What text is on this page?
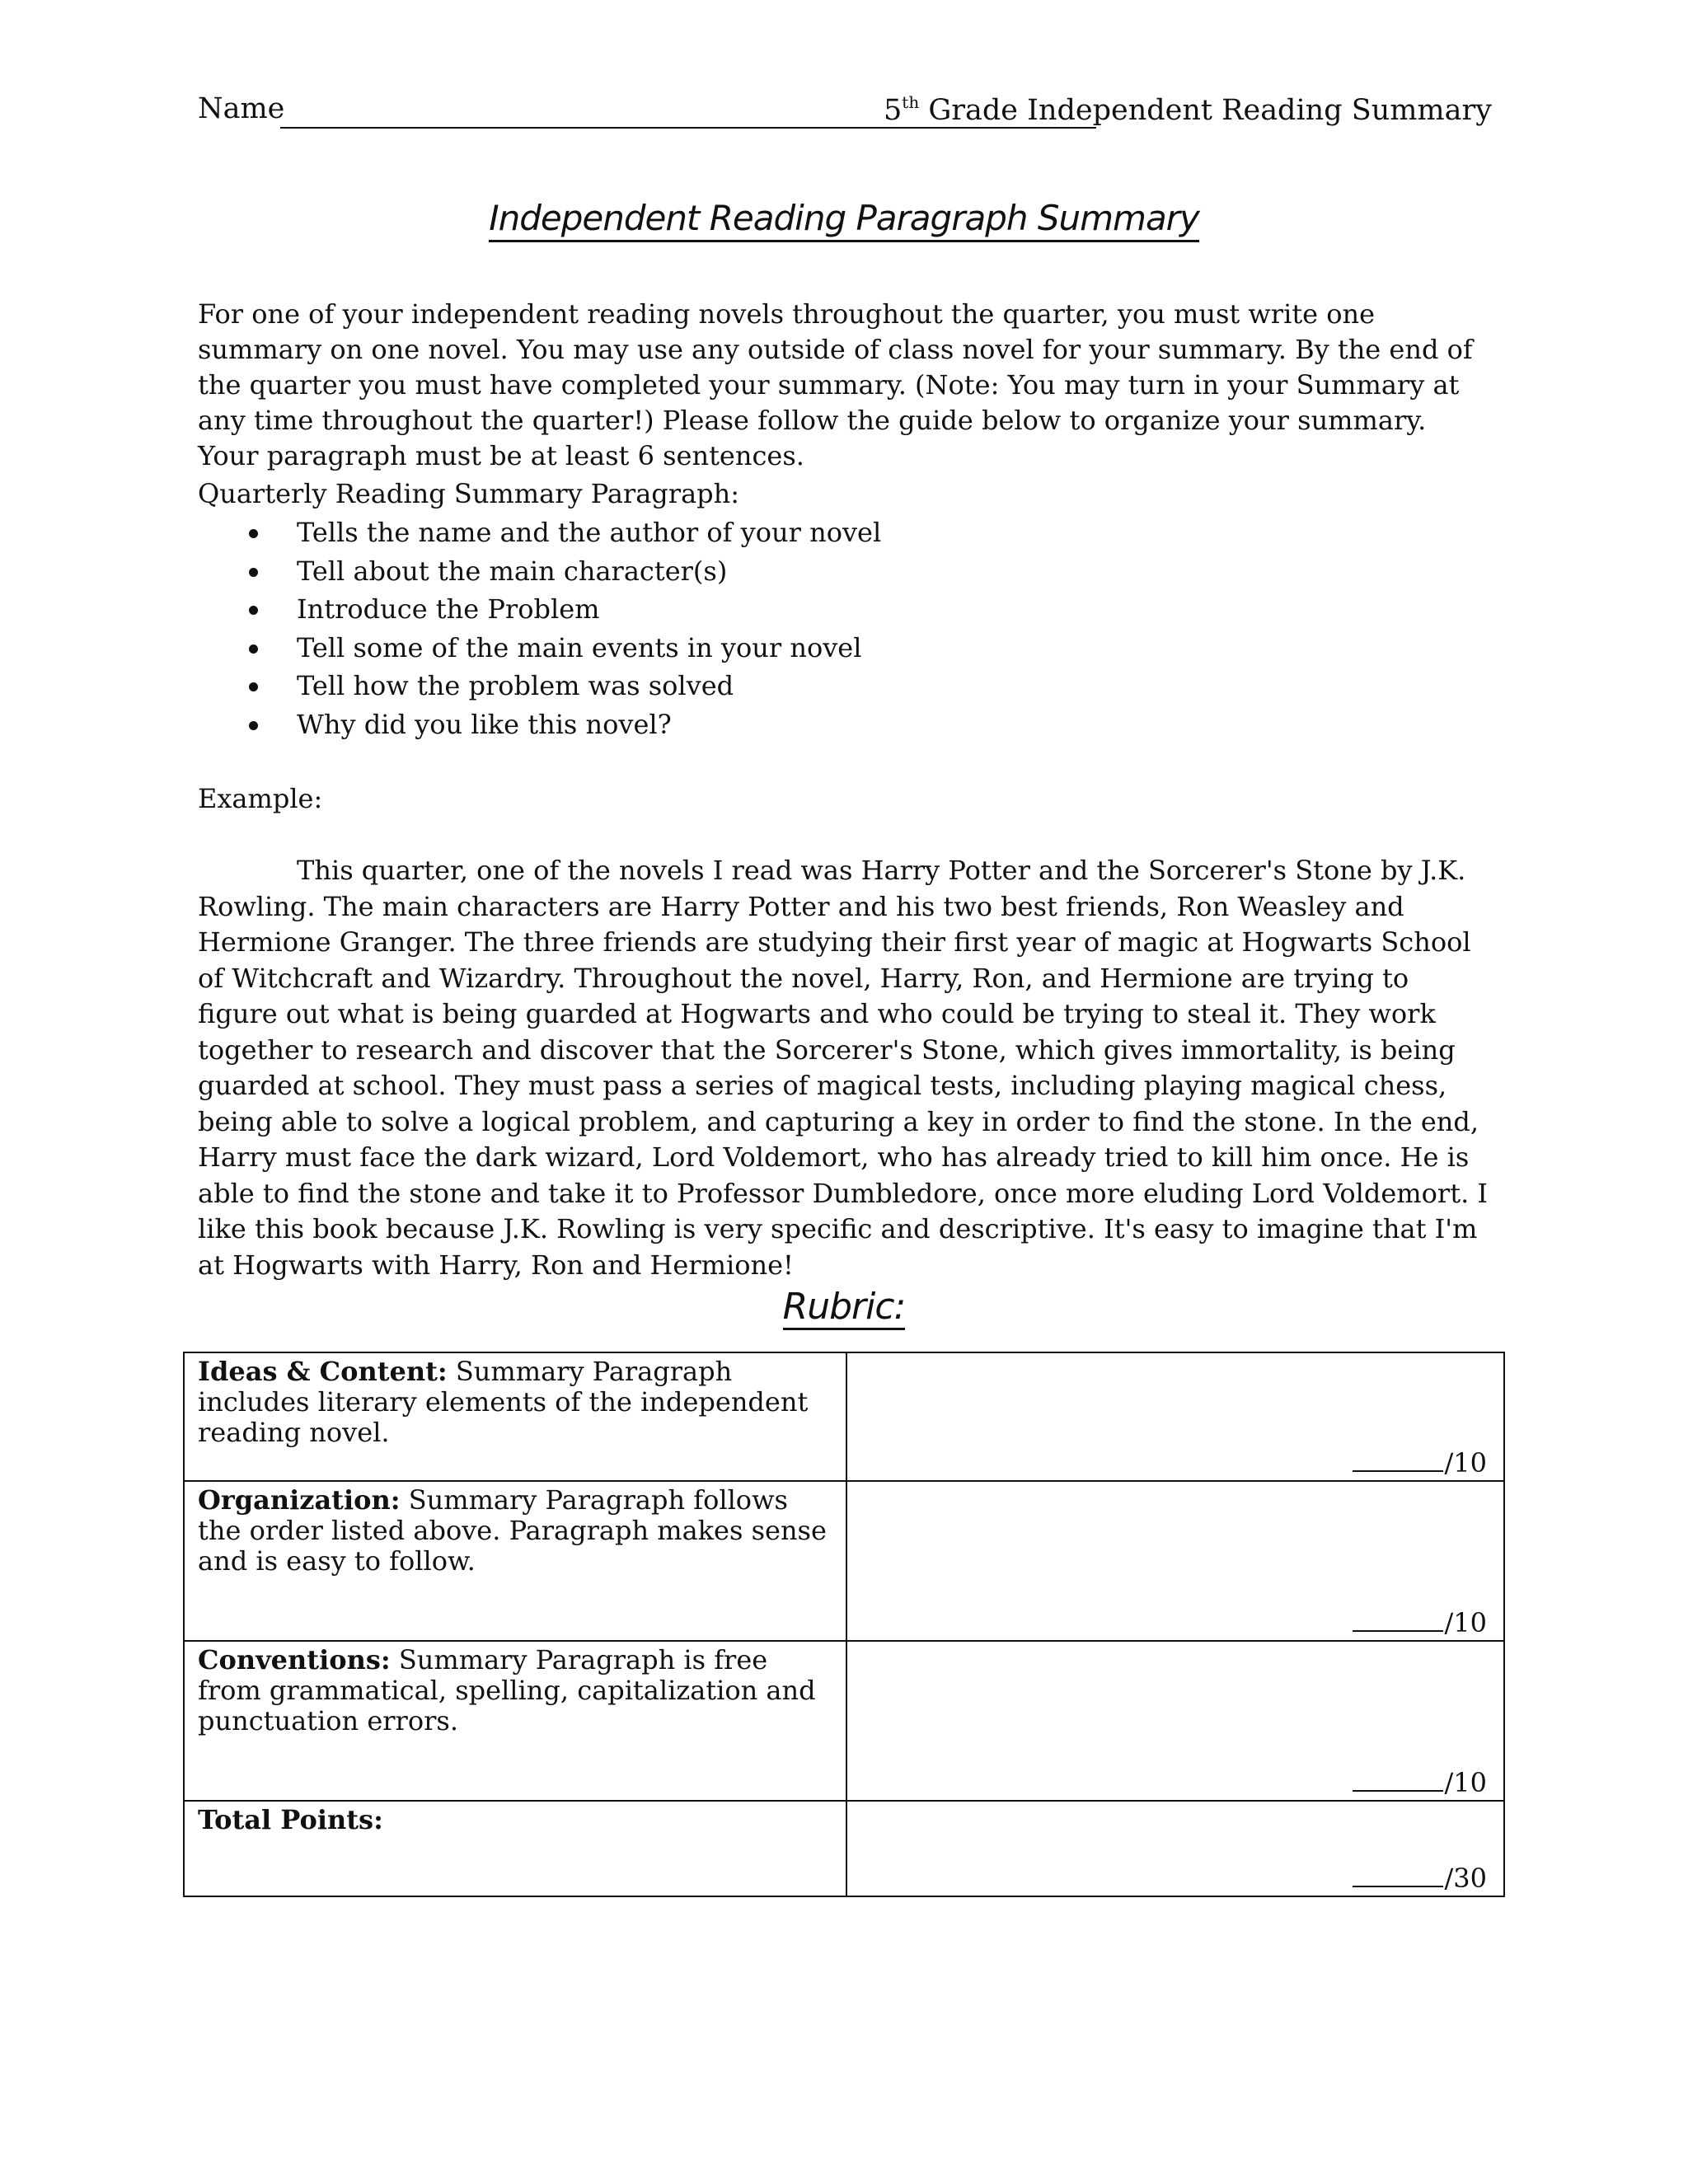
Name	5th Grade Independent Reading Summary
Independent Reading Paragraph Summary

For one of your independent reading novels throughout the quarter, you must write one summary on one novel. You may use any outside of class novel for your summary. By the end of the quarter you must have completed your summary. (Note: You may turn in your Summary at any time throughout the quarter!) Please follow the guide below to organize your summary. Your paragraph must be at least 6 sentences.

Quarterly Reading Summary Paragraph:
Tells the name and the author of your novel
Tell about the main character(s)
Introduce the Problem
Tell some of the main events in your novel
Tell how the problem was solved
Why did you like this novel?
Example:

This quarter, one of the novels I read was Harry Potter and the Sorcerer's Stone by J.K. Rowling. The main characters are Harry Potter and his two best friends, Ron Weasley and Hermione Granger. The three friends are studying their first year of magic at Hogwarts School of Witchcraft and Wizardry. Throughout the novel, Harry, Ron, and Hermione are trying to figure out what is being guarded at Hogwarts and who could be trying to steal it. They work together to research and discover that the Sorcerer's Stone, which gives immortality, is being guarded at school. They must pass a series of magical tests, including playing magical chess, being able to solve a logical problem, and capturing a key in order to find the stone. In the end, Harry must face the dark wizard, Lord Voldemort, who has already tried to kill him once. He is able to find the stone and take it to Professor Dumbledore, once more eluding Lord Voldemort. I like this book because J.K. Rowling is very specific and descriptive. It's easy to imagine that I'm at Hogwarts with Harry, Ron and Hermione!

Rubric:
Ideas & Content: Summary Paragraph includes literary elements of the independent reading novel.	/10

Organization: Summary Paragraph follows the order listed above. Paragraph makes sense and is easy to follow.	/10

Conventions: Summary Paragraph is free from grammatical, spelling, capitalization and punctuation errors.	/10

Total Points:	/30
